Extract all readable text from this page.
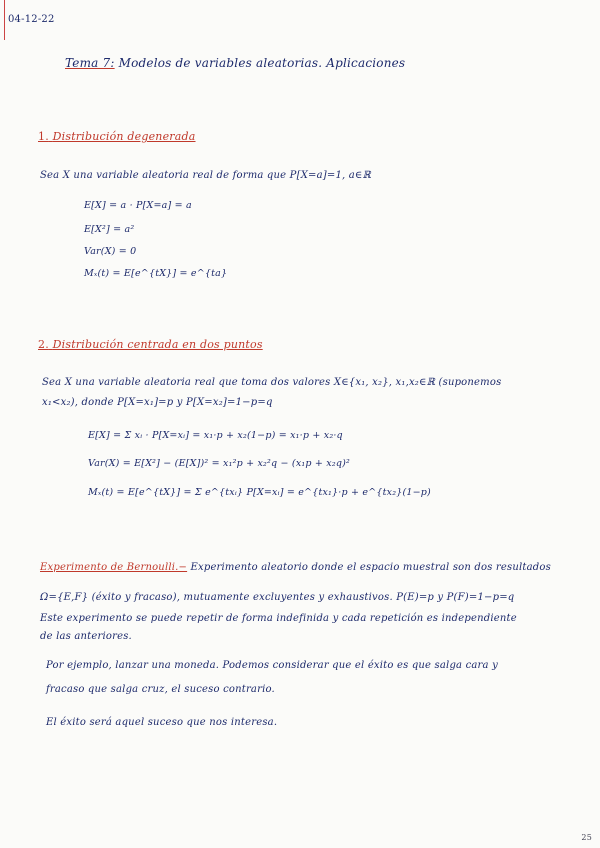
04-12-22
Tema 7: Modelos de variables aleatorias. Aplicaciones
1. Distribución degenerada
Sea X una variable aleatoria real de forma que P[X=a]=1, a∈ℝ
E[X] = a · P[X=a] = a
E[X²] = a²
Var(X) = 0
Mₓ(t) = E[e^{tX}] = e^{ta}
2. Distribución centrada en dos puntos
Sea X una variable aleatoria real que toma dos valores X∈{x₁, x₂}, x₁,x₂∈ℝ (suponemos
x₁<x₂), donde P[X=x₁]=p y P[X=x₂]=1−p=q
E[X] = Σ xᵢ · P[X=xᵢ] = x₁·p + x₂(1−p) = x₁·p + x₂·q
Var(X) = E[X²] − (E[X])² = x₁²p + x₂²q − (x₁p + x₂q)²
Mₓ(t) = E[e^{tX}] = Σ e^{txᵢ} P[X=xᵢ] = e^{tx₁}·p + e^{tx₂}(1−p)
Experimento de Bernoulli.− Experimento aleatorio donde el espacio muestral son dos resultados
Ω={E,F} (éxito y fracaso), mutuamente excluyentes y exhaustivos. P(E)=p y P(F)=1−p=q
Este experimento se puede repetir de forma indefinida y cada repetición es independiente
de las anteriores.
Por ejemplo, lanzar una moneda. Podemos considerar que el éxito es que salga cara y
fracaso que salga cruz, el suceso contrario.
El éxito será aquel suceso que nos interesa.
25
